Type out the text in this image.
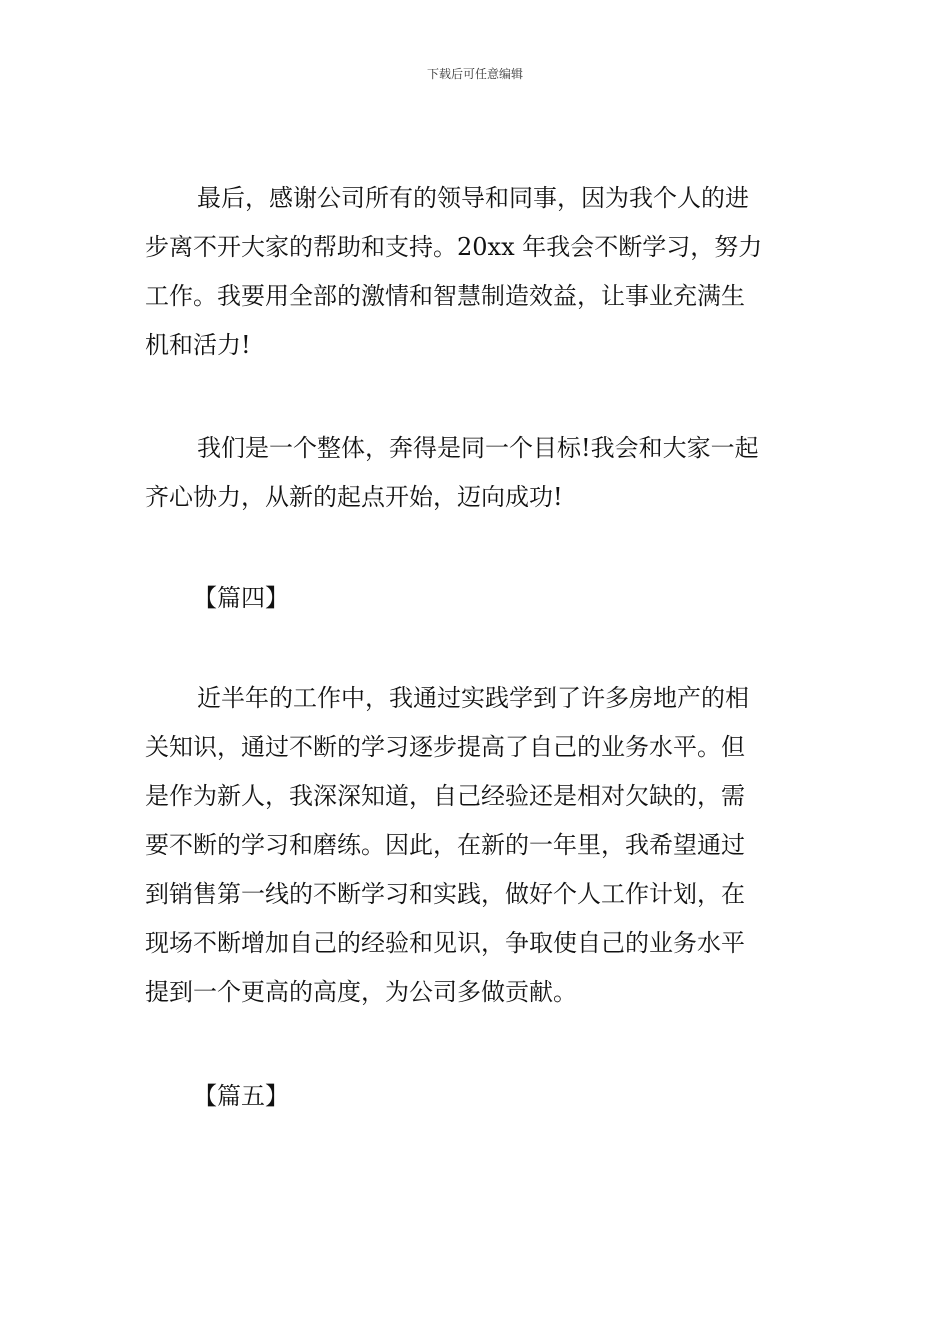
下载后可任意编辑
最后，感谢公司所有的领导和同事，因为我个人的进
步离不开大家的帮助和支持。20xx 年我会不断学习，努力
工作。我要用全部的激情和智慧制造效益，让事业充满生
机和活力!
我们是一个整体，奔得是同一个目标!我会和大家一起
齐心协力，从新的起点开始，迈向成功!
【篇四】
近半年的工作中，我通过实践学到了许多房地产的相
关知识，通过不断的学习逐步提高了自己的业务水平。但
是作为新人，我深深知道，自己经验还是相对欠缺的，需
要不断的学习和磨练。因此，在新的一年里，我希望通过
到销售第一线的不断学习和实践，做好个人工作计划，在
现场不断增加自己的经验和见识，争取使自己的业务水平
提到一个更高的高度，为公司多做贡献。
【篇五】
